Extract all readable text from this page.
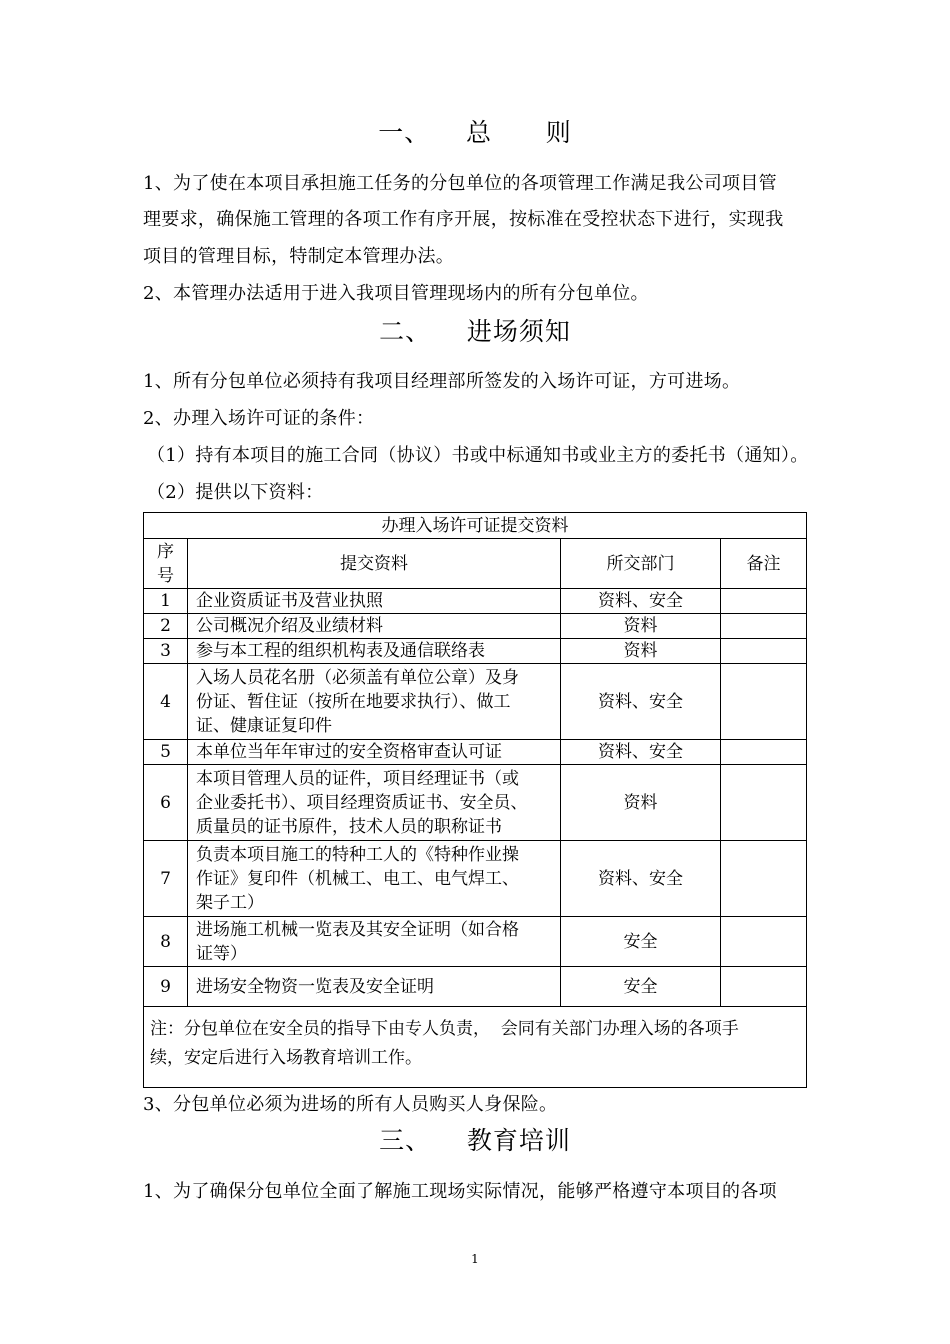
一、    总      则
1、为了使在本项目承担施工任务的分包单位的各项管理工作满足我公司项目管
理要求，确保施工管理的各项工作有序开展，按标准在受控状态下进行，实现我
项目的管理目标，特制定本管理办法。
2、本管理办法适用于进入我项目管理现场内的所有分包单位。
二、    进场须知
1、所有分包单位必须持有我项目经理部所签发的入场许可证，方可进场。
2、办理入场许可证的条件：
（1）持有本项目的施工合同（协议）书或中标通知书或业主方的委托书（通知）。
（2）提供以下资料：
办理入场许可证提交资料			

序
号	提交资料	所交部门	备注
1	企业资质证书及营业执照	资料、安全	
2	公司概况介绍及业绩材料	资料	
3	参与本工程的组织机构表及通信联络表	资料	
4	入场人员花名册（必须盖有单位公章）及身
份证、暂住证（按所在地要求执行）、做工
证、健康证复印件	资料、安全	
5	本单位当年年审过的安全资格审查认可证	资料、安全	
6	本项目管理人员的证件，项目经理证书（或
企业委托书）、项目经理资质证书、安全员、
质量员的证书原件，技术人员的职称证书	资料	
7	负责本项目施工的特种工人的《特种作业操
作证》复印件（机械工、电工、电气焊工、
架子工）	资料、安全	
8	进场施工机械一览表及其安全证明（如合格
证等）	安全	
9	进场安全物资一览表及安全证明	安全	

注：分包单位在安全员的指导下由专人负责，  会同有关部门办理入场的各项手
续，安定后进行入场教育培训工作。			
3、分包单位必须为进场的所有人员购买人身保险。
三、    教育培训
1、为了确保分包单位全面了解施工现场实际情况，能够严格遵守本项目的各项
1
